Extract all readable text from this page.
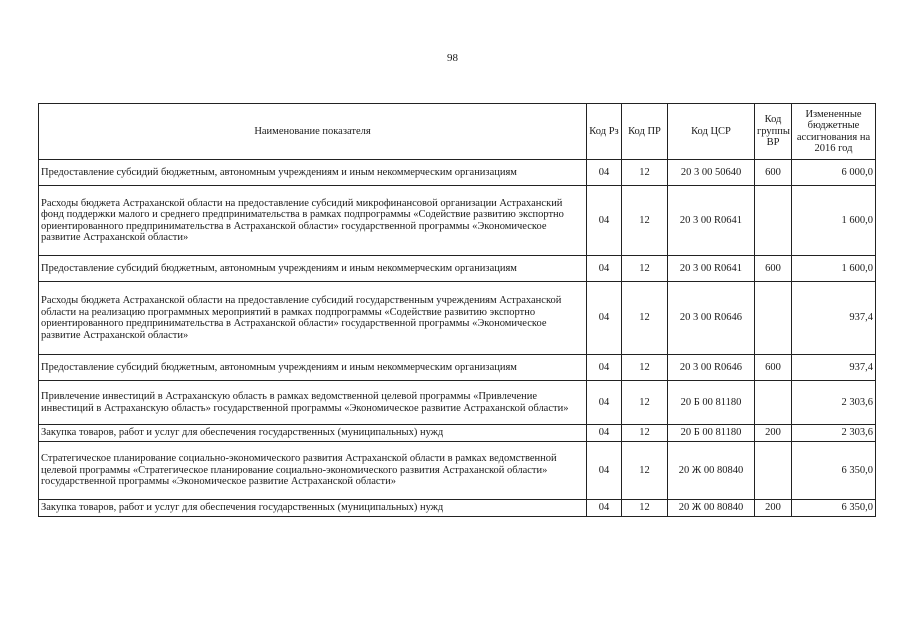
98
Наименование показателя	Код Рз	Код ПР	Код ЦСР	Код группы ВР	Измененные бюджетные ассигнования на 2016 год
Предоставление субсидий бюджетным, автономным учреждениям и иным некоммерческим организациям	04	12	20 3 00 50640	600	6 000,0
Расходы бюджета Астраханской области на предоставление субсидий микрофинансовой организации Астраханский фонд поддержки малого и среднего предпринимательства в рамках подпрограммы «Содействие развитию экспортно ориентированного предпринимательства в Астраханской области» государственной программы «Экономическое развитие Астраханской области»	04	12	20 3 00 R0641		1 600,0
Предоставление субсидий бюджетным, автономным учреждениям и иным некоммерческим организациям	04	12	20 3 00 R0641	600	1 600,0
Расходы бюджета Астраханской области на предоставление субсидий государственным учреждениям Астраханской области на реализацию программных мероприятий в рамках подпрограммы «Содействие развитию экспортно ориентированного предпринимательства в Астраханской области» государственной программы «Экономическое развитие Астраханской области»	04	12	20 3 00 R0646		937,4
Предоставление субсидий бюджетным, автономным учреждениям и иным некоммерческим организациям	04	12	20 3 00 R0646	600	937,4
Привлечение инвестиций в Астраханскую область в рамках ведомственной целевой программы «Привлечение инвестиций в Астраханскую область» государственной программы «Экономическое развитие Астраханской области»	04	12	20 Б 00 81180		2 303,6
Закупка товаров, работ и услуг для обеспечения государственных (муниципальных) нужд	04	12	20 Б 00 81180	200	2 303,6
Стратегическое планирование социально-экономического развития Астраханской области в рамках ведомственной целевой программы «Стратегическое планирование социально-экономического развития Астраханской области» государственной программы «Экономическое развитие Астраханской области»	04	12	20 Ж 00 80840		6 350,0
Закупка товаров, работ и услуг для обеспечения государственных (муниципальных) нужд	04	12	20 Ж 00 80840	200	6 350,0
